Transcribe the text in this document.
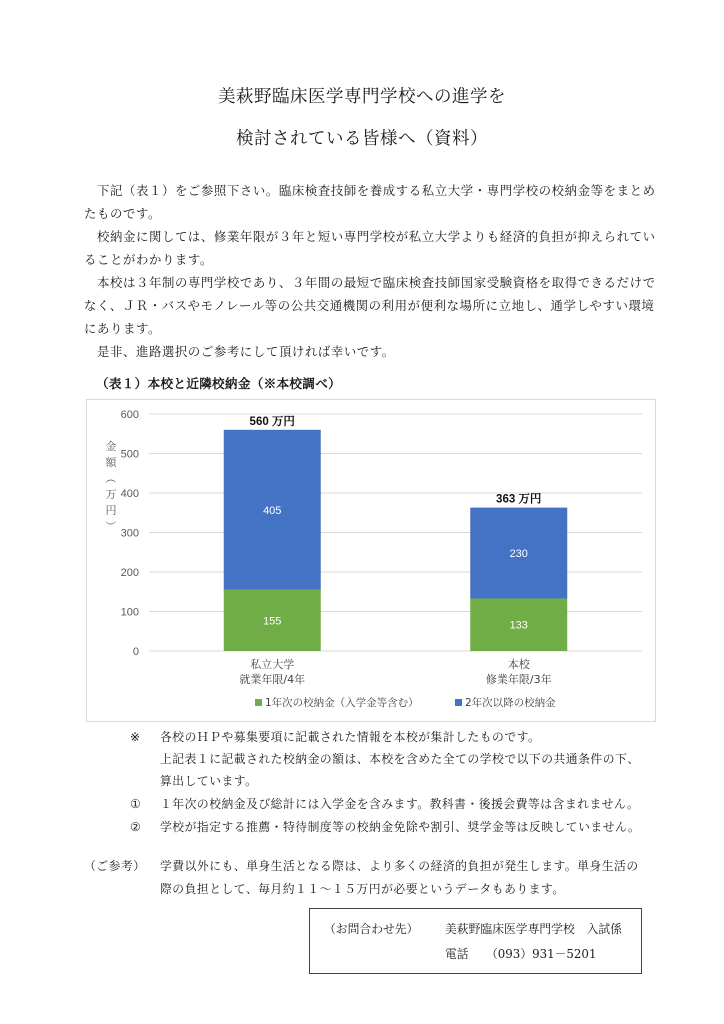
美萩野臨床医学専門学校への進学を
検討されている皆様へ（資料）

下記（表１）をご参照下さい。臨床検査技師を養成する私立大学・専門学校の校納金等をまとめたものです。

校納金に関しては、修業年限が３年と短い専門学校が私立大学よりも経済的負担が抑えられていることがわかります。

本校は３年制の専門学校であり、３年間の最短で臨床検査技師国家受験資格を取得できるだけでなく、ＪＲ・バスやモノレール等の公共交通機関の利用が便利な場所に立地し、通学しやすい環境にあります。

是非、進路選択のご参考にして頂ければ幸いです。

（表１）本校と近隣校納金（※本校調べ）
0
100
200
300
400
500
600
金
額
（
万
円
）
155
405
560 万円
私立大学
就業年限/4年
133
230
363 万円
本校
修業年限/3年
1年次の校納金（入学金等含む）	2年次以降の校納金
※ 各校のＨＰや募集要項に記載された情報を本校が集計したものです。
上記表１に記載された校納金の額は、本校を含めた全ての学校で以下の共通条件の下、
算出しています。
① １年次の校納金及び総計には入学金を含みます。教科書・後援会費等は含まれません。
② 学校が指定する推薦・特待制度等の校納金免除や割引、奨学金等は反映していません。
（ご参考） 学費以外にも、単身生活となる際は、より多くの経済的負担が発生します。単身生活の
際の負担として、毎月約１１～１５万円が必要というデータもあります。
（お問合わせ先） 美萩野臨床医学専門学校　入試係
電話 （093）931－5201
